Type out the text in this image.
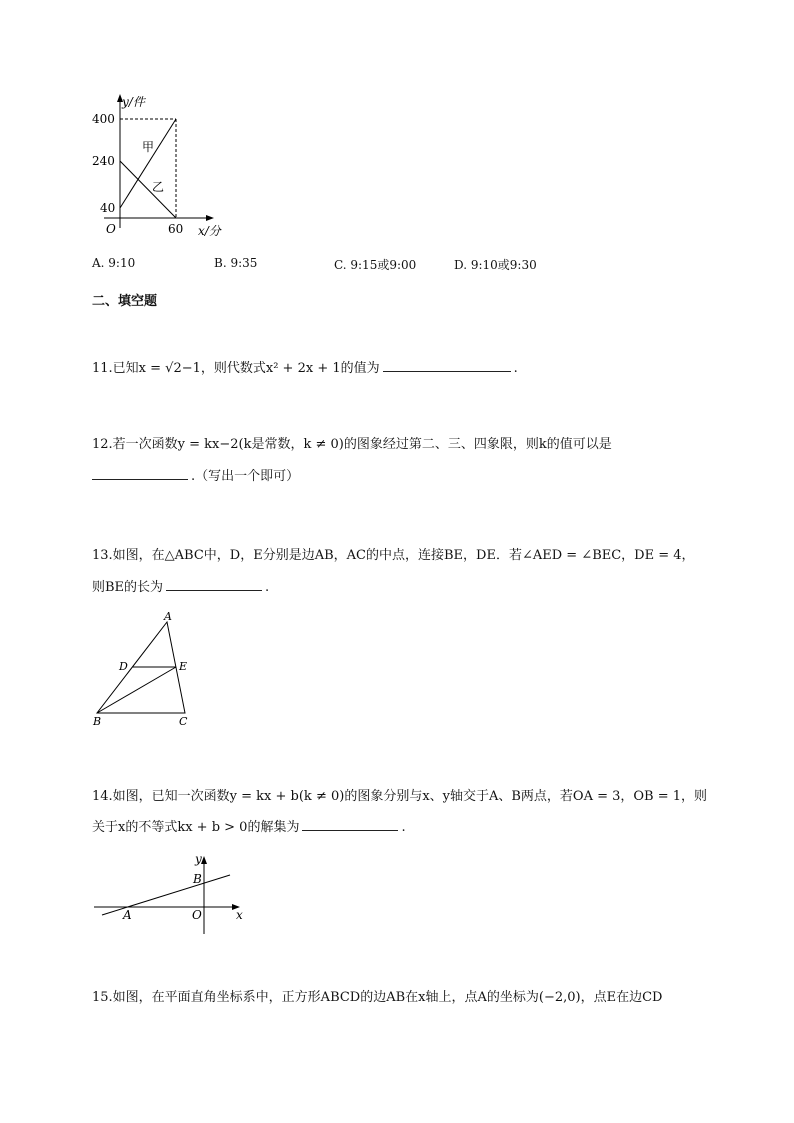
y/件
400
240
40
O	60 x/分
甲
乙
A. 9:10	B. 9:35	C. 9:15或9:00	D. 9:10或9:30
二、填空题
11.已知x = √2−1，则代数式x² + 2x + 1的值为	.
12.若一次函数y = kx−2(k是常数，k ≠ 0)的图象经过第二、三、四象限，则k的值可以是
.（写出一个即可）
13.如图，在△ABC中，D，E分别是边AB，AC的中点，连接BE，DE．若∠AED = ∠BEC，DE = 4，
则BE的长为	.
A
D	E
B	C
14.如图，已知一次函数y = kx + b(k ≠ 0)的图象分别与x、y轴交于A、B两点，若OA = 3，OB = 1，则
关于x的不等式kx + b > 0的解集为	.
y
B
A	O	x
15.如图，在平面直角坐标系中，正方形ABCD的边AB在x轴上，点A的坐标为(−2,0)，点E在边CD
